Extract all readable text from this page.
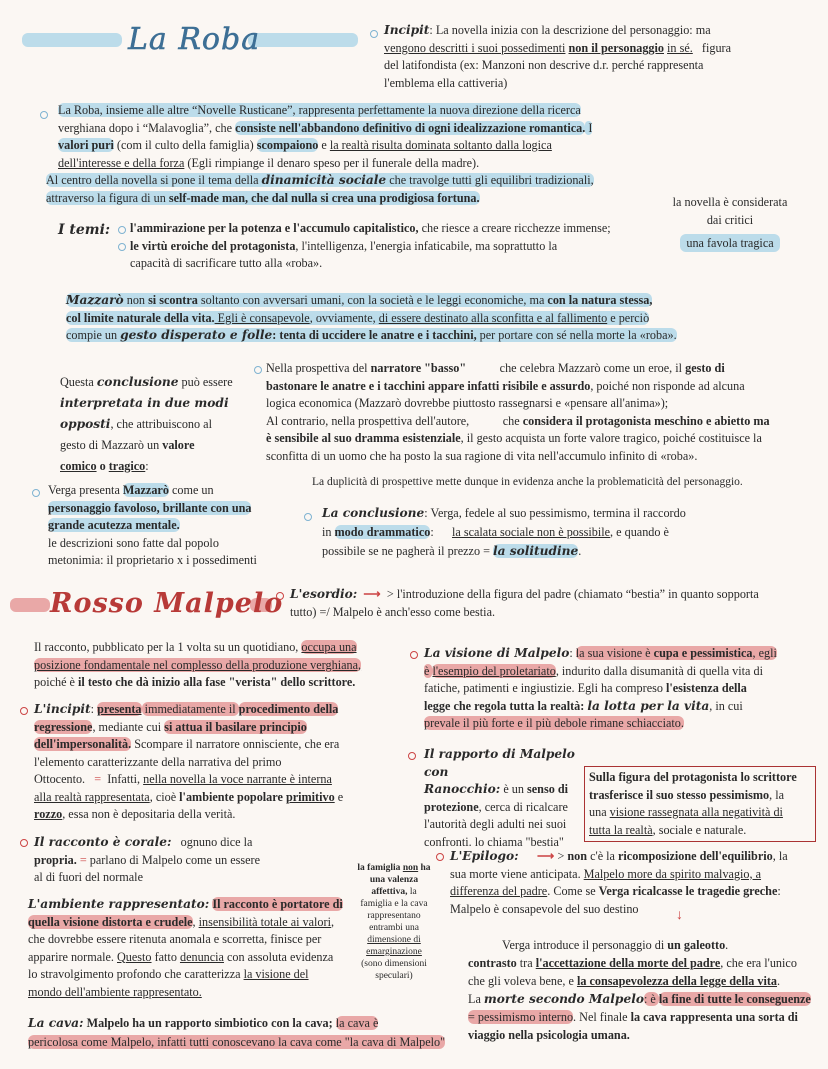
La Roba	Incipit: La novella inizia con la descrizione del personaggio: ma

vengono descritti i suoi possedimenti non il personaggio in sé. figura

del latifondista (ex: Manzoni non descrive d.r. perché rappresenta

l'emblema ella cattiveria)

La Roba, insieme alle altre “Novelle Rusticane”, rappresenta perfettamente la nuova direzione della ricerca

verghiana dopo i “Malavoglia”, che consiste nell'abbandono definitivo di ogni idealizzazione romantica. I

valori puri (com il culto della famiglia) scompaiono e la realtà risulta dominata soltanto dalla logica

dell'interesse e della forza (Egli rimpiange il denaro speso per il funerale della madre).

Al centro della novella si pone il tema della dinamicità sociale che travolge tutti gli equilibri tradizionali,

attraverso la figura di un self-made man, che dal nulla si crea una prodigiosa fortuna.	la novella è considerata

dai critici

una favola tragica

I temi: l'ammirazione per la potenza e l'accumulo capitalistico, che riesce a creare ricchezze immense;

le virtù eroiche del protagonista, l'intelligenza, l'energia infaticabile, ma soprattutto la

capacità di sacrificare tutto alla «roba».

Mazzarò non si scontra soltanto con avversari umani, con la società e le leggi economiche, ma con la natura stessa,

col limite naturale della vita. Egli è consapevole, ovviamente, di essere destinato alla sconfitta e al fallimento e perciò

compie un gesto disperato e folle: tenta di uccidere le anatre e i tacchini, per portare con sé nella morte la «roba».

Questa conclusione può essere

interpretata in due modi

opposti, che attribuiscono al

gesto di Mazzarò un valore

comico o tragico:

Nella prospettiva del narratore "basso"	che celebra Mazzarò come un eroe, il gesto di

bastonare le anatre e i tacchini appare infatti risibile e assurdo, poiché non risponde ad alcuna

logica economica (Mazzarò dovrebbe piuttosto rassegnarsi e «pensare all'anima»);

Al contrario, nella prospettiva dell'autore,	che considera il protagonista meschino e abietto ma

è sensibile al suo dramma esistenziale, il gesto acquista un forte valore tragico, poiché costituisce la

sconfitta di un uomo che ha posto la sua ragione di vita nell'accumulo infinito di «roba».

La duplicità di prospettive mette dunque in evidenza anche la problematicità del personaggio.

Verga presenta Mazzarò come un

personaggio favoloso, brillante con una

grande acutezza mentale.

le descrizioni sono fatte dal popolo

metonimia: il proprietario x i possedimenti

La conclusione: Verga, fedele al suo pessimismo, termina il raccordo

in modo drammatico: la scalata sociale non è possibile, e quando è

possibile se ne pagherà il prezzo = la solitudine.

Rosso Malpelo L'esordio:  ⟶  > l'introduzione della figura del padre (chiamato “bestia” in quanto sopporta

tutto) =/ Malpelo è anch'esso come bestia.

Il racconto, pubblicato per la 1 volta su un quotidiano, occupa una

posizione fondamentale nel complesso della produzione verghiana,

poiché è il testo che dà inizio alla fase "verista" dello scrittore.

L'incipit: presenta immediatamente il procedimento della

regressione, mediante cui si attua il basilare principio

dell'impersonalità. Scompare il narratore onnisciente, che era

l'elemento caratterizzante della narrativa del primo

Ottocento. = Infatti, nella novella la voce narrante è interna

alla realtà rappresentata, cioè l'ambiente popolare primitivo e

rozzo, essa non è depositaria della verità.

Il racconto è corale: ognuno dice la

propria. = parlano di Malpelo come un essere

al di fuori del normale

la famiglia non ha

una valenza

affettiva, la

famiglia e la cava

rappresentano

entrambi una

dimensione di

emarginazione

(sono dimensioni

speculari)

L'ambiente rappresentato: Il racconto è portatore di

quella visione distorta e crudele, insensibilità totale ai valori,

che dovrebbe essere ritenuta anomala e scorretta, finisce per

apparire normale. Questo fatto denuncia con assoluta evidenza

lo stravolgimento profondo che caratterizza la visione del

mondo dell'ambiente rappresentato.

La cava: Malpelo ha un rapporto simbiotico con la cava; la cava è

pericolosa come Malpelo, infatti tutti conoscevano la cava come "la cava di Malpelo"

La visione di Malpelo: la sua visione è cupa e pessimistica, egli

è l'esempio del proletariato, indurito dalla disumanità di quella vita di

fatiche, patimenti e ingiustizie. Egli ha compreso l'esistenza della

legge che regola tutta la realtà: la lotta per la vita, in cui

prevale il più forte e il più debole rimane schiacciato.

Il rapporto di Malpelo con

Ranocchio: è un senso di

protezione, cerca di ricalcare

l'autorità degli adulti nei suoi

confronti. lo chiama "bestia"

Sulla figura del protagonista lo scrittore

trasferisce il suo stesso pessimismo, la

una visione rassegnata alla negatività di

tutta la realtà, sociale e naturale.

L'Epilogo: ⟶ > non c'è la ricomposizione dell'equilibrio, la

sua morte viene anticipata. Malpelo more da spirito malvagio, a

differenza del padre. Come se Verga ricalcasse le tragedie greche:

Malpelo è consapevole del suo destino	↓

Verga introduce il personaggio di un galeotto.

contrasto tra l'accettazione della morte del padre, che era l'unico

che gli voleva bene, e la consapevolezza della legge della vita.

La morte secondo Malpelo: è la fine di tutte le conseguenze

= pessimismo interno. Nel finale la cava rappresenta una sorta di

viaggio nella psicologia umana.
